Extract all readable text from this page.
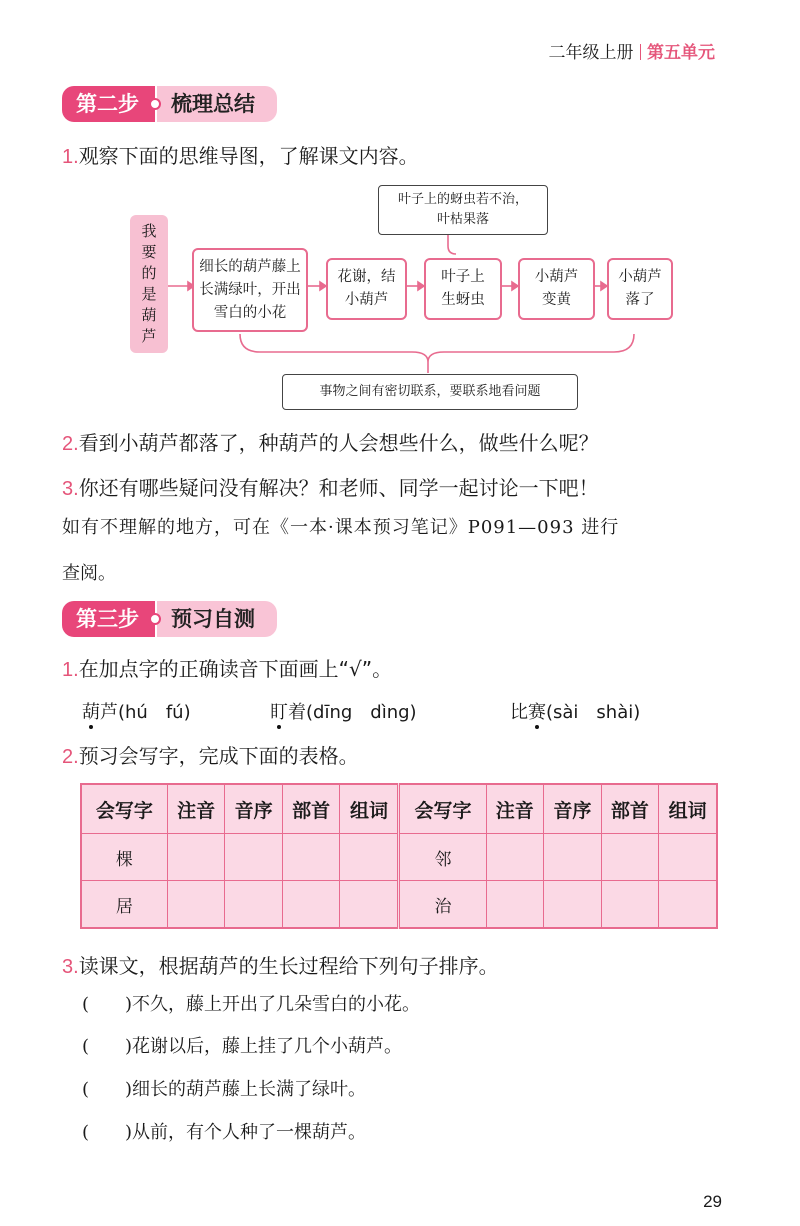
二年级上册 第五单元
第二步	梳理总结
1.观察下面的思维导图，了解课文内容。
我要的是葫芦
细长的葫芦藤上长满绿叶，开出雪白的小花
花谢，结小葫芦
叶子上生蚜虫
小葫芦变黄
小葫芦落了
叶子上的蚜虫若不治，叶枯果落
事物之间有密切联系，要联系地看问题
2.看到小葫芦都落了，种葫芦的人会想些什么，做些什么呢？
3.你还有哪些疑问没有解决？和老师、同学一起讨论一下吧！
如有不理解的地方，可在《一本·课本预习笔记》P091—093 进行
查阅。
第三步	预习自测
1.在加点字的正确读音下面画上“√”。
葫芦(hú　fú)	盯着(dīng　dìng)	比赛(sài　shài)
2.预习会写字，完成下面的表格。
会写字	注音	音序	部首	组词	会写字	注音	音序	部首	组词
棵					邻				
居					治				
3.读课文，根据葫芦的生长过程给下列句子排序。
(　　)不久，藤上开出了几朵雪白的小花。
(　　)花谢以后，藤上挂了几个小葫芦。
(　　)细长的葫芦藤上长满了绿叶。
(　　)从前，有个人种了一棵葫芦。
29
